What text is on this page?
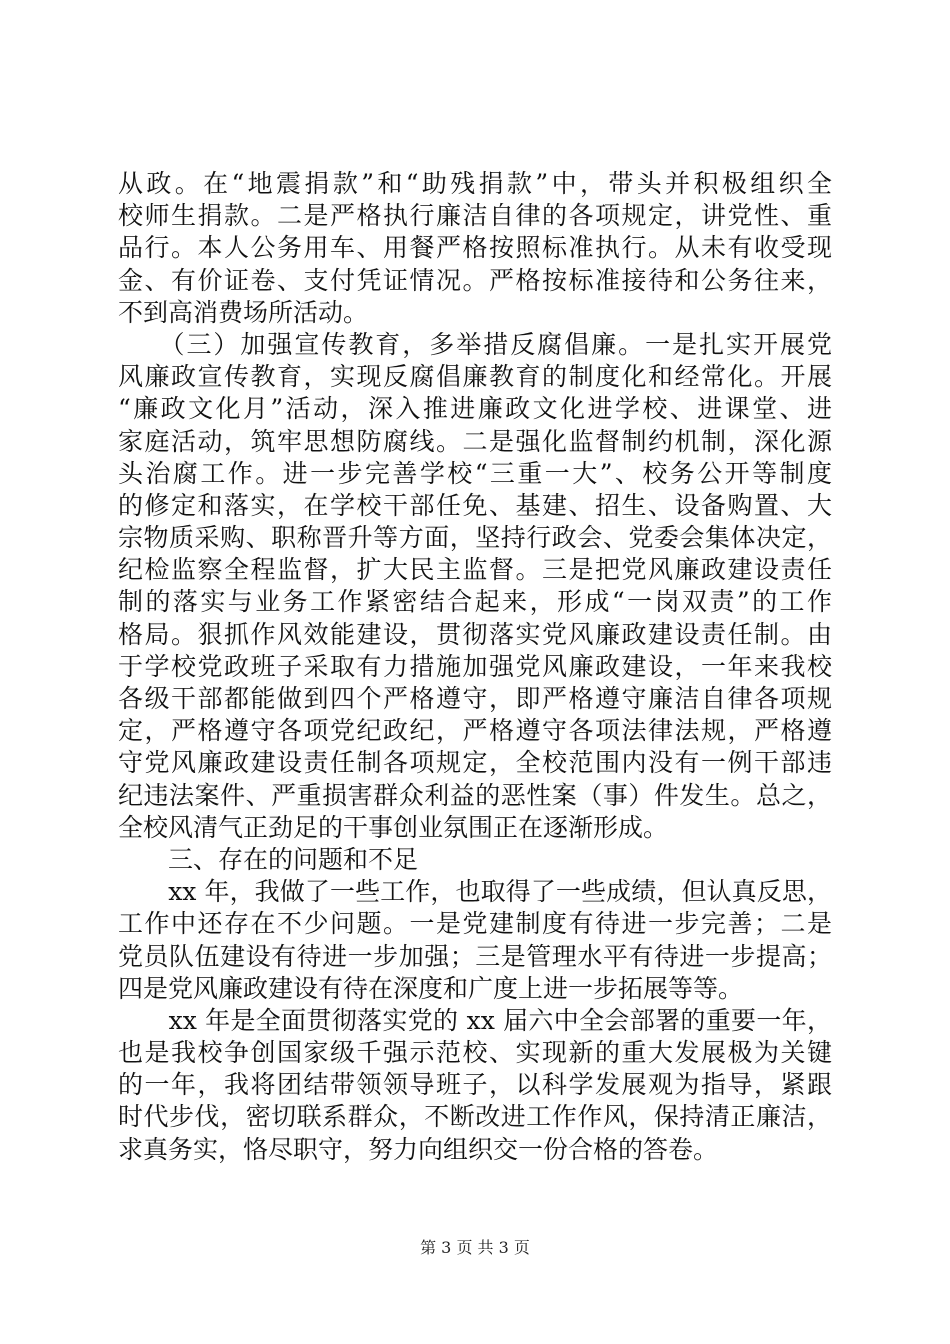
从政。在“地震捐款”和“助残捐款”中，带头并积极组织全
校师生捐款。二是严格执行廉洁自律的各项规定，讲党性、重
品行。本人公务用车、用餐严格按照标准执行。从未有收受现
金、有价证卷、支付凭证情况。严格按标准接待和公务往来，
不到高消费场所活动。
　　（三）加强宣传教育，多举措反腐倡廉。一是扎实开展党
风廉政宣传教育，实现反腐倡廉教育的制度化和经常化。开展
“廉政文化月”活动，深入推进廉政文化进学校、进课堂、进
家庭活动，筑牢思想防腐线。二是强化监督制约机制，深化源
头治腐工作。进一步完善学校“三重一大”、校务公开等制度
的修定和落实，在学校干部任免、基建、招生、设备购置、大
宗物质采购、职称晋升等方面，坚持行政会、党委会集体决定，
纪检监察全程监督，扩大民主监督。三是把党风廉政建设责任
制的落实与业务工作紧密结合起来，形成“一岗双责”的工作
格局。狠抓作风效能建设，贯彻落实党风廉政建设责任制。由
于学校党政班子采取有力措施加强党风廉政建设，一年来我校
各级干部都能做到四个严格遵守，即严格遵守廉洁自律各项规
定，严格遵守各项党纪政纪，严格遵守各项法律法规，严格遵
守党风廉政建设责任制各项规定，全校范围内没有一例干部违
纪违法案件、严重损害群众利益的恶性案（事）件发生。总之，
全校风清气正劲足的干事创业氛围正在逐渐形成。
　　三、存在的问题和不足
　　xx 年，我做了一些工作，也取得了一些成绩，但认真反思，
工作中还存在不少问题。一是党建制度有待进一步完善；二是
党员队伍建设有待进一步加强；三是管理水平有待进一步提高；
四是党风廉政建设有待在深度和广度上进一步拓展等等。
　　xx 年是全面贯彻落实党的 xx 届六中全会部署的重要一年，
也是我校争创国家级千强示范校、实现新的重大发展极为关键
的一年，我将团结带领领导班子，以科学发展观为指导，紧跟
时代步伐，密切联系群众，不断改进工作作风，保持清正廉洁，
求真务实，恪尽职守，努力向组织交一份合格的答卷。
第 3 页 共 3 页
